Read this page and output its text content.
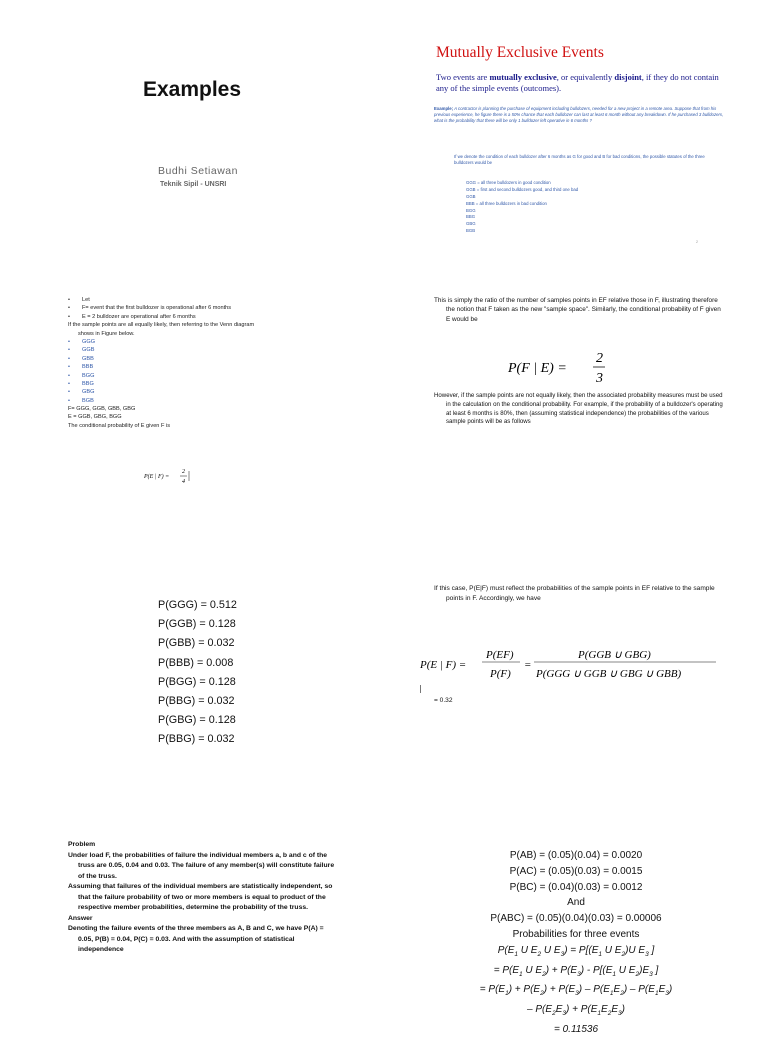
Examples
Budhi Setiawan
Teknik Sipil - UNSRI
Mutually Exclusive Events
Two events are mutually exclusive, or equivalently disjoint, if they do not contain any of the simple events (outcomes).
Example; A contractor is planning the purchase of equipment including bulldozers, needed for a new project in a remote area. Suppose that from his previous experience, he figure there is a 50% chance that each bulldozer can last at least 6 month without any breakdown. If he purchased 3 bulldozers, what is the probability that there will be only 1 bulldozer left operative in 6 months ?
If we denote the condition of each bulldozer after 6 months as G for good and B for bad conditions, the possible statutes of the three bulldozers would be
GGG = all three bulldozers in good condition
GGB = first and second bulldozers good, and third one bad
GGB
BBB = all three bulldozers in bad condition
BGG
BBG
GBG
BGB
2
• Let
• F= event that the first bulldozer is operational after 6 months
• E = 2 bulldozer are operational after 6 months
If the sample points are all equally likely, then referring to the Venn diagram
shows in Figure below.
• GGG
• GGB
• GBB
• BBB
• BGG
• BBG
• GBG
• BGB
F= GGG, GGB, GBB, GBG
E = GGB, GBG, BGG
The conditional probability of E given F is
P(E | F) =
2
4
This is simply the ratio of the number of samples points in EF relative those in F, illustrating therefore the notion that F taken as the new "sample space". Similarly, the conditional probability of F given E would be
P(F | E) =
2
3
However, if the sample points are not equally likely, then the associated probability measures must be used in the calculation on the conditional probability. For example, if the probability of a bulldozer's operating at least 6 months is 80%, then (assuming statistical independence) the probabilities of the various sample points will be as follows
P(GGG) = 0.512
P(GGB) = 0.128
P(GBB) = 0.032
P(BBB) = 0.008
P(BGG) = 0.128
P(BBG) = 0.032
P(GBG) = 0.128
P(BBG) = 0.032
If this case, P(E|F) must reflect the probabilities of the sample points in EF relative to the sample points in F. Accordingly, we have
P(E | F) =
P(EF)
P(F)
=
P(GGB ∪ GBG)
P(GGG ∪ GGB ∪ GBG ∪ GBB)
= 0.32

Problem

Under load F, the probabilities of failure the individual members a, b and c of the truss are 0.05, 0.04 and 0.03. The failure of any member(s) will constitute failure of the truss.

Assuming that failures of the individual members are statistically independent, so that the failure probability of two or more members is equal to product of the respective member probabilities, determine the probability of the truss.

Answer

Denoting the failure events of the three members as A, B and C, we have P(A) = 0.05, P(B) = 0.04, P(C) = 0.03. And with the assumption of statistical independence

P(AB) = (0.05)(0.04) = 0.0020
P(AC) = (0.05)(0.03) = 0.0015
P(BC) = (0.04)(0.03) = 0.0012
And
P(ABC) = (0.05)(0.04)(0.03) = 0.00006
Probabilities for three events
$P(E_1$ U $E_2$ U $E_3) = P[(E_1$ U $E_2)U$ $E_3$ ]
= $P(E_1$ U $E_2) + P(E_3) - P[(E_1$ U $E_2)E_3$ ]
= $P(E_1) + P(E_2) + P(E_3) - P(E_1E_2) - P(E_1E_3)$
– $P(E_2E_3) + P(E_1E_2E_3)$
= 0.11536
